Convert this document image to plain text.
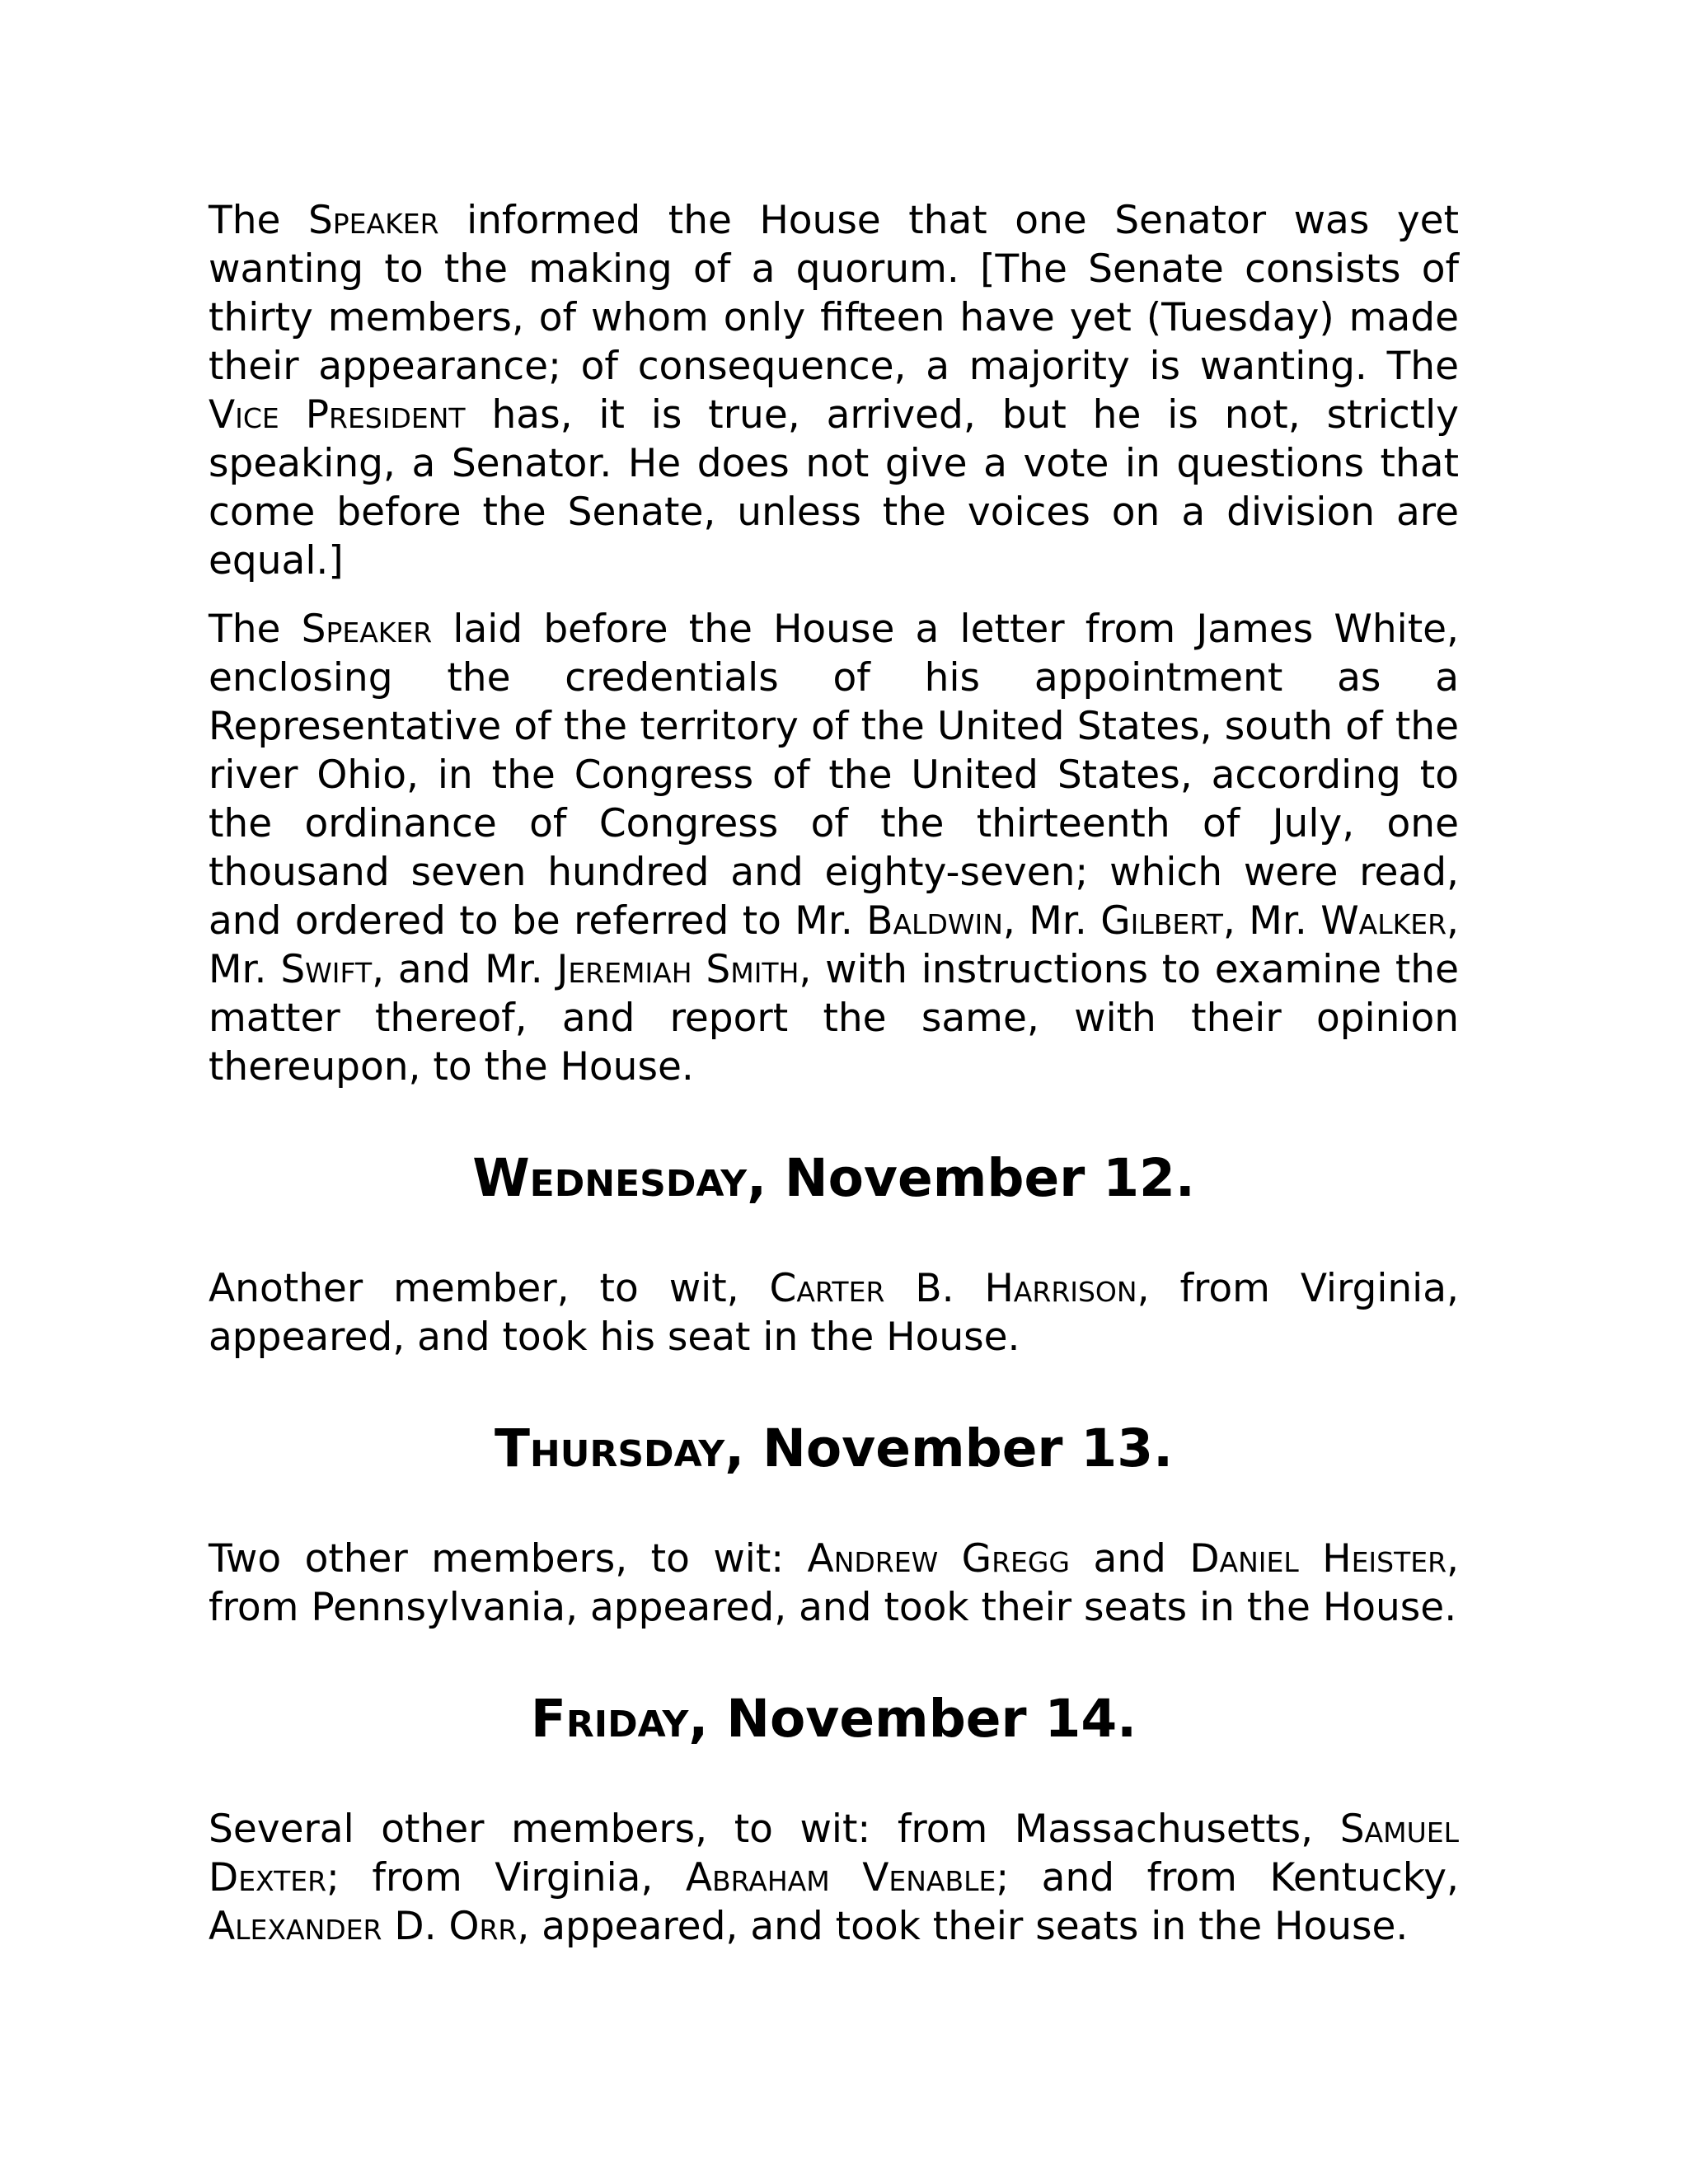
The Speaker informed the House that one Senator was yet wanting to the making of a quorum. [The Senate consists of thirty members, of whom only fifteen have yet (Tuesday) made their appearance; of consequence, a majority is wanting. The Vice President has, it is true, arrived, but he is not, strictly speaking, a Senator. He does not give a vote in questions that come before the Senate, unless the voices on a division are equal.]

The Speaker laid before the House a letter from James White, enclosing the credentials of his appointment as a Representative of the territory of the United States, south of the river Ohio, in the Congress of the United States, according to the ordinance of Congress of the thirteenth of July, one thousand seven hundred and eighty-seven; which were read, and ordered to be referred to Mr. Baldwin, Mr. Gilbert, Mr. Walker, Mr. Swift, and Mr. Jeremiah Smith, with instructions to examine the matter thereof, and report the same, with their opinion thereupon, to the House.

Wednesday, November 12.

Another member, to wit, Carter B. Harrison, from Virginia, appeared, and took his seat in the House.

Thursday, November 13.

Two other members, to wit: Andrew Gregg and Daniel Heister, from Pennsylvania, appeared, and took their seats in the House.

Friday, November 14.

Several other members, to wit: from Massachusetts, Samuel Dexter; from Virginia, Abraham Venable; and from Kentucky, Alexander D. Orr, appeared, and took their seats in the House.
